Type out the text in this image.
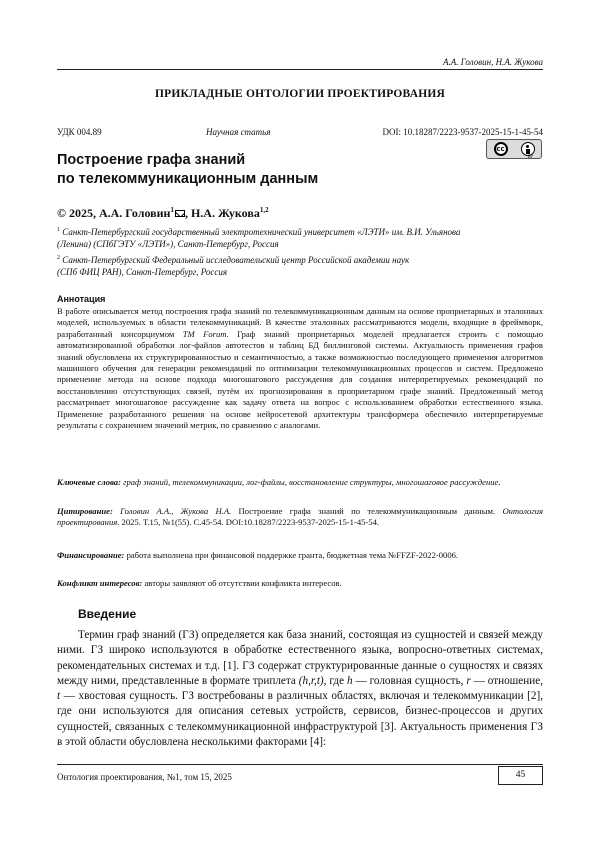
А.А. Головин, Н.А. Жукова
ПРИКЛАДНЫЕ ОНТОЛОГИИ ПРОЕКТИРОВАНИЯ
УДК 004.89	Научная статья	DOI: 10.18287/2223-9537-2025-15-1-45-54
cc
BY
Построение графа знаний
по телекоммуникационным данным
© 2025, А.А. Головин$^1$ , Н.А. Жукова$^{1,2}$
$^1$ Санкт-Петербургский государственный электротехнический университет «ЛЭТИ» им. В.И. Ульянова
(Ленина) (СПбГЭТУ «ЛЭТИ»), Санкт-Петербург, Россия
$^2$ Санкт-Петербургский Федеральный исследовательский центр Российской академии наук
(СПб ФИЦ РАН), Санкт-Петербург, Россия
Аннотация
В работе описывается метод построения графа знаний по телекоммуникационным данным на основе проприетарных и эталонных моделей, используемых в области телекоммуникаций. В качестве эталонных рассматриваются модели, входящие в фреймворк, разработанный консорциумом TM Forum. Граф знаний проприетарных моделей предлагается строить с помощью автоматизированной обработки лог-файлов автотестов и таблиц БД биллинговой системы. Актуальность применения графов знаний обусловлена их структурированностью и семантичностью, а также возможностью последующего применения алгоритмов машинного обучения для генерации рекомендаций по оптимизации телекоммуникационных процессов и систем. Предложено применение метода на основе подхода многошагового рассуждения для создания интерпретируемых рекомендаций по восстановлению отсутствующих связей, путём их прогнозирования в проприетарном графе знаний. Предложенный метод рассматривает многошаговое рассуждение как задачу ответа на вопрос с использованием обработки естественного языка. Применение разработанного решения на основе нейросетевой архитектуры трансформера обеспечило интерпретируемые результаты с сохранением значений метрик, по сравнению с аналогами.
Ключевые слова: граф знаний, телекоммуникации, лог-файлы, восстановление структуры, многошаговое рассуждение.
Цитирование: Головин А.А., Жукова Н.А. Построение графа знаний по телекоммуникационным данным. Онтология проектирования. 2025. Т.15, №1(55). С.45-54. DOI:10.18287/2223-9537-2025-15-1-45-54.
Финансирование: работа выполнена при финансовой поддержке гранта, бюджетная тема №FFZF-2022-0006.
Конфликт интересов: авторы заявляют об отсутствии конфликта интересов.
Введение
Термин граф знаний (ГЗ) определяется как база знаний, состоящая из сущностей и связей между ними. ГЗ широко используются в обработке естественного языка, вопросно-ответных системах, рекомендательных системах и т.д. [1]. ГЗ содержат структурированные данные о сущностях и связях между ними, представленные в формате триплета (h,r,t), где h — головная сущность, r — отношение, t — хвостовая сущность. ГЗ востребованы в различных областях, включая и телекоммуникации [2], где они используются для описания сетевых устройств, сервисов, бизнес-процессов и других сущностей, связанных с телекоммуникационной инфраструктурой [3]. Актуальность применения ГЗ в этой области обусловлена несколькими факторами [4]:
Онтология проектирования, №1, том 15, 2025	45
